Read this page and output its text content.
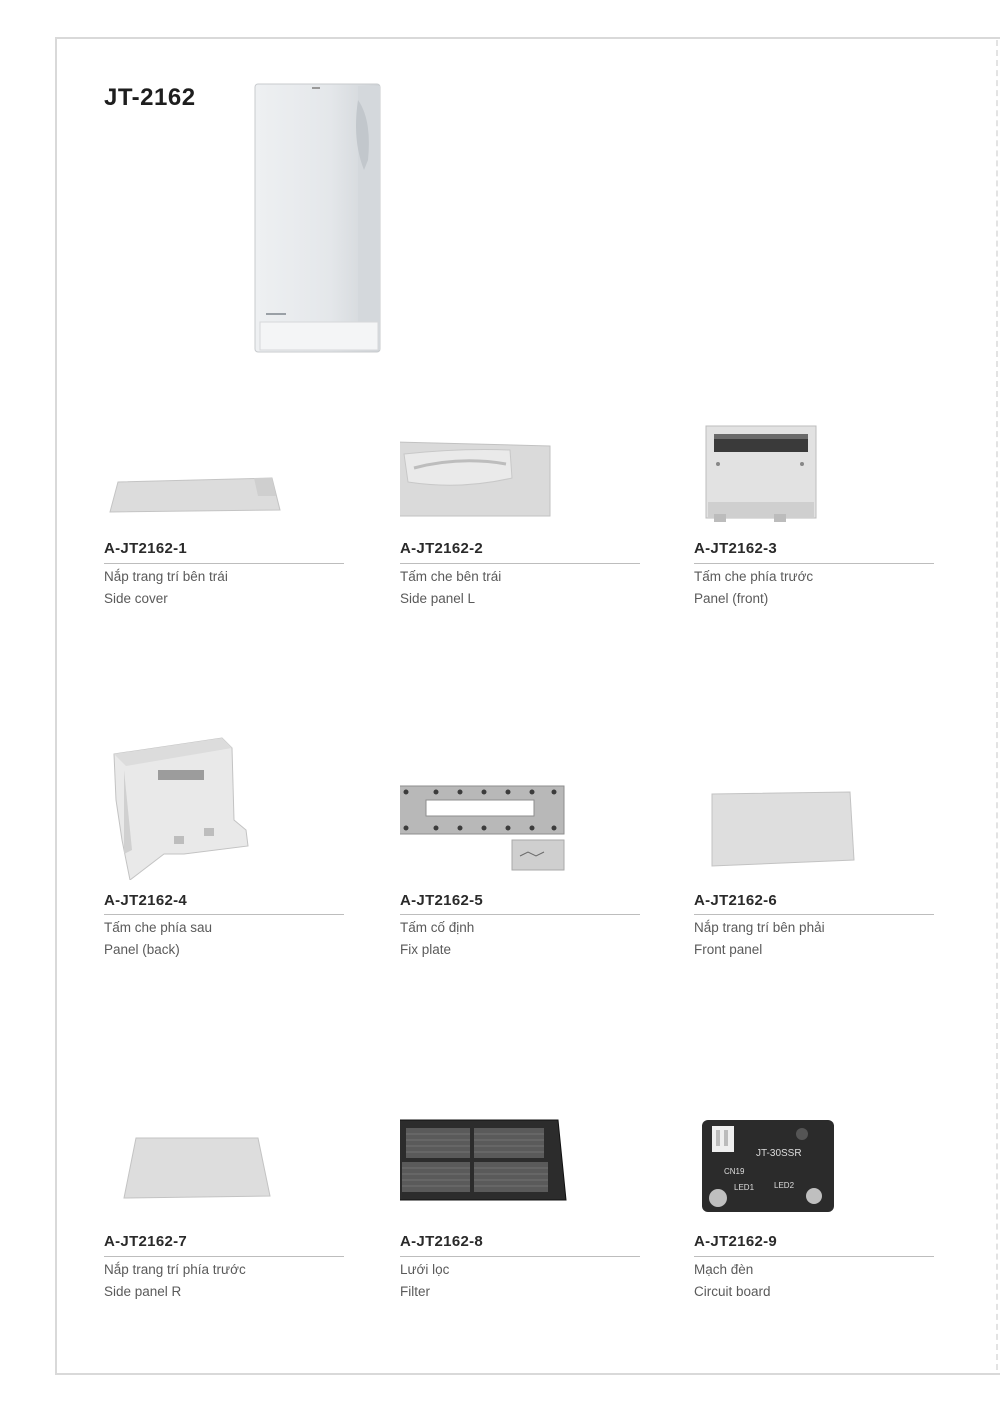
JT-2162
A-JT2162-1
Nắp trang trí bên trái
Side cover
A-JT2162-2
Tấm che bên trái
Side panel L
A-JT2162-3
Tấm che phía trước
Panel (front)
A-JT2162-4
Tấm che phía sau
Panel (back)
A-JT2162-5
Tấm cố định
Fix plate
A-JT2162-6
Nắp trang trí bên phải
Front panel
A-JT2162-7
Nắp trang trí phía trước
Side panel R
A-JT2162-8
Lưới lọc
Filter
JT-30SSR
CN19
LED1 LED2
A-JT2162-9
Mạch đèn
Circuit board
